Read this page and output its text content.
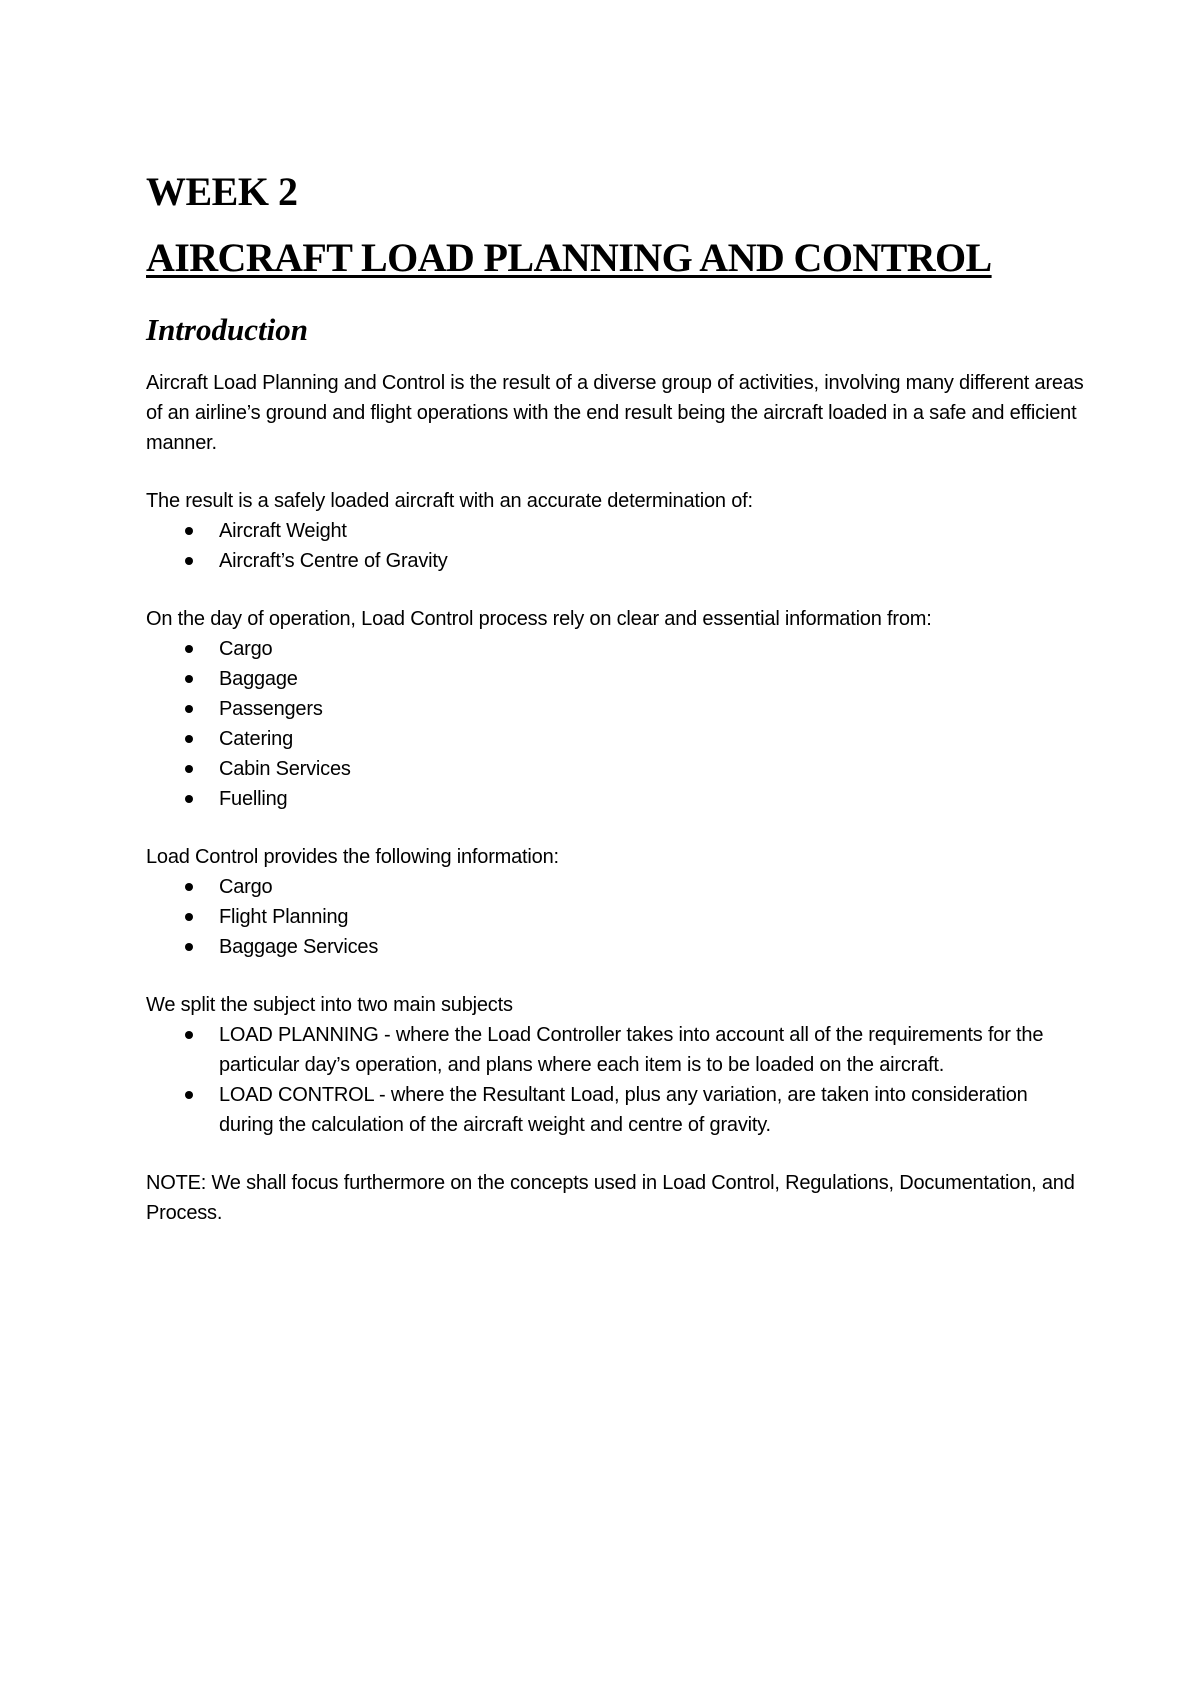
WEEK 2
AIRCRAFT LOAD PLANNING AND CONTROL
Introduction

Aircraft Load Planning and Control is the result of a diverse group of activities, involving many different areas of an airline’s ground and flight operations with the end result being the aircraft loaded in a safe and efficient manner.

The result is a safely loaded aircraft with an accurate determination of:

Aircraft Weight
Aircraft’s Centre of Gravity

On the day of operation, Load Control process rely on clear and essential information from:

Cargo
Baggage
Passengers
Catering
Cabin Services
Fuelling

Load Control provides the following information:

Cargo
Flight Planning
Baggage Services

We split the subject into two main subjects

LOAD PLANNING - where the Load Controller takes into account all of the requirements for the particular day’s operation, and plans where each item is to be loaded on the aircraft.
LOAD CONTROL - where the Resultant Load, plus any variation, are taken into consideration during the calculation of the aircraft weight and centre of gravity.

NOTE: We shall focus furthermore on the concepts used in Load Control, Regulations, Documentation, and Process.
